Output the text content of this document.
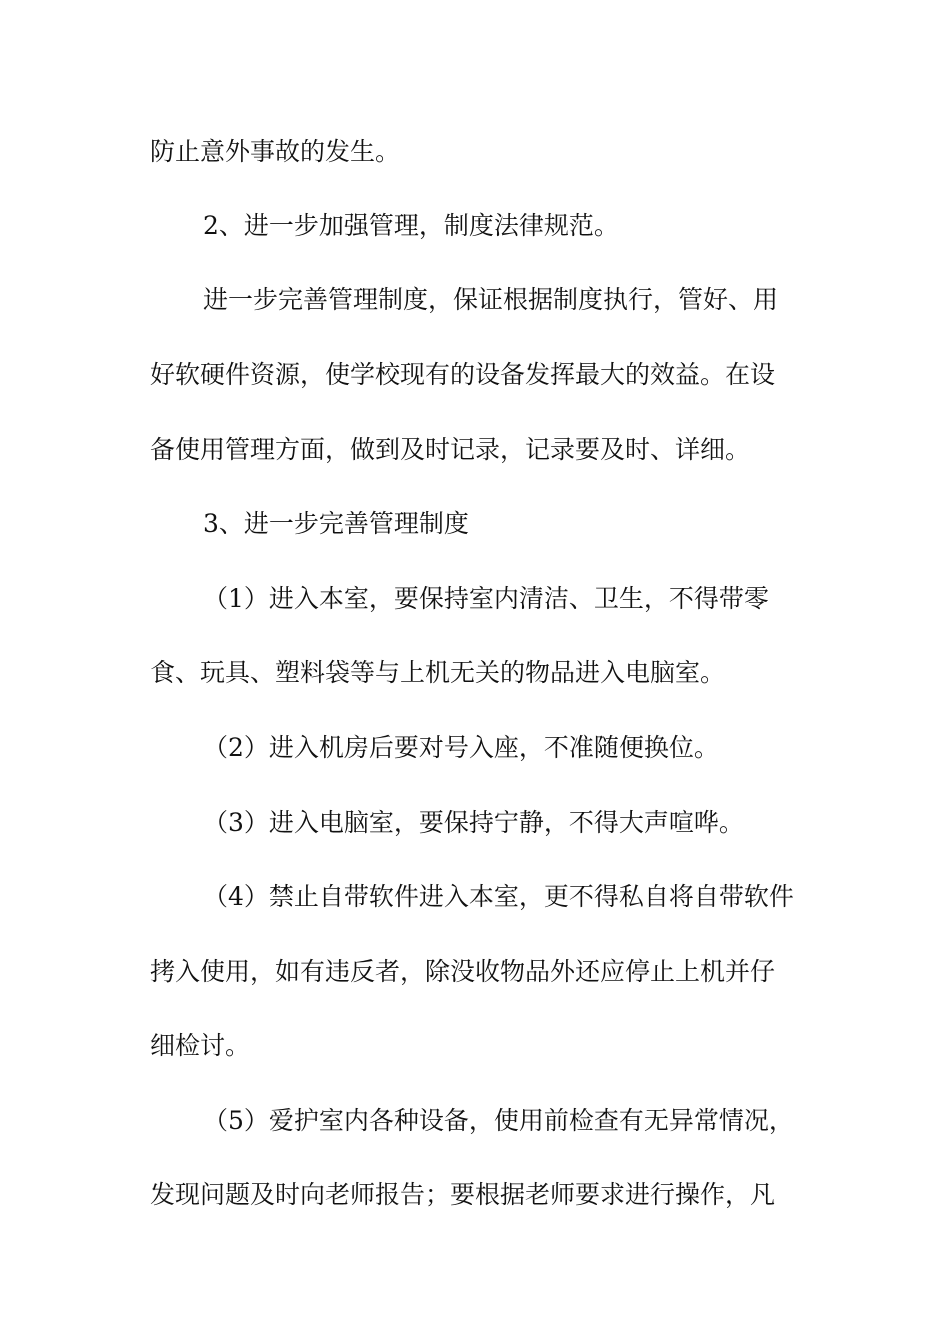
防止意外事故的发生。
2、进一步加强管理，制度法律规范。
进一步完善管理制度，保证根据制度执行，管好、用
好软硬件资源，使学校现有的设备发挥最大的效益。在设
备使用管理方面，做到及时记录，记录要及时、详细。
3、进一步完善管理制度
（1）进入本室，要保持室内清洁、卫生，不得带零
食、玩具、塑料袋等与上机无关的物品进入电脑室。
（2）进入机房后要对号入座，不准随便换位。
（3）进入电脑室，要保持宁静，不得大声喧哗。
（4）禁止自带软件进入本室，更不得私自将自带软件
拷入使用，如有违反者，除没收物品外还应停止上机并仔
细检讨。
（5）爱护室内各种设备，使用前检查有无异常情况，
发现问题及时向老师报告；要根据老师要求进行操作，凡
